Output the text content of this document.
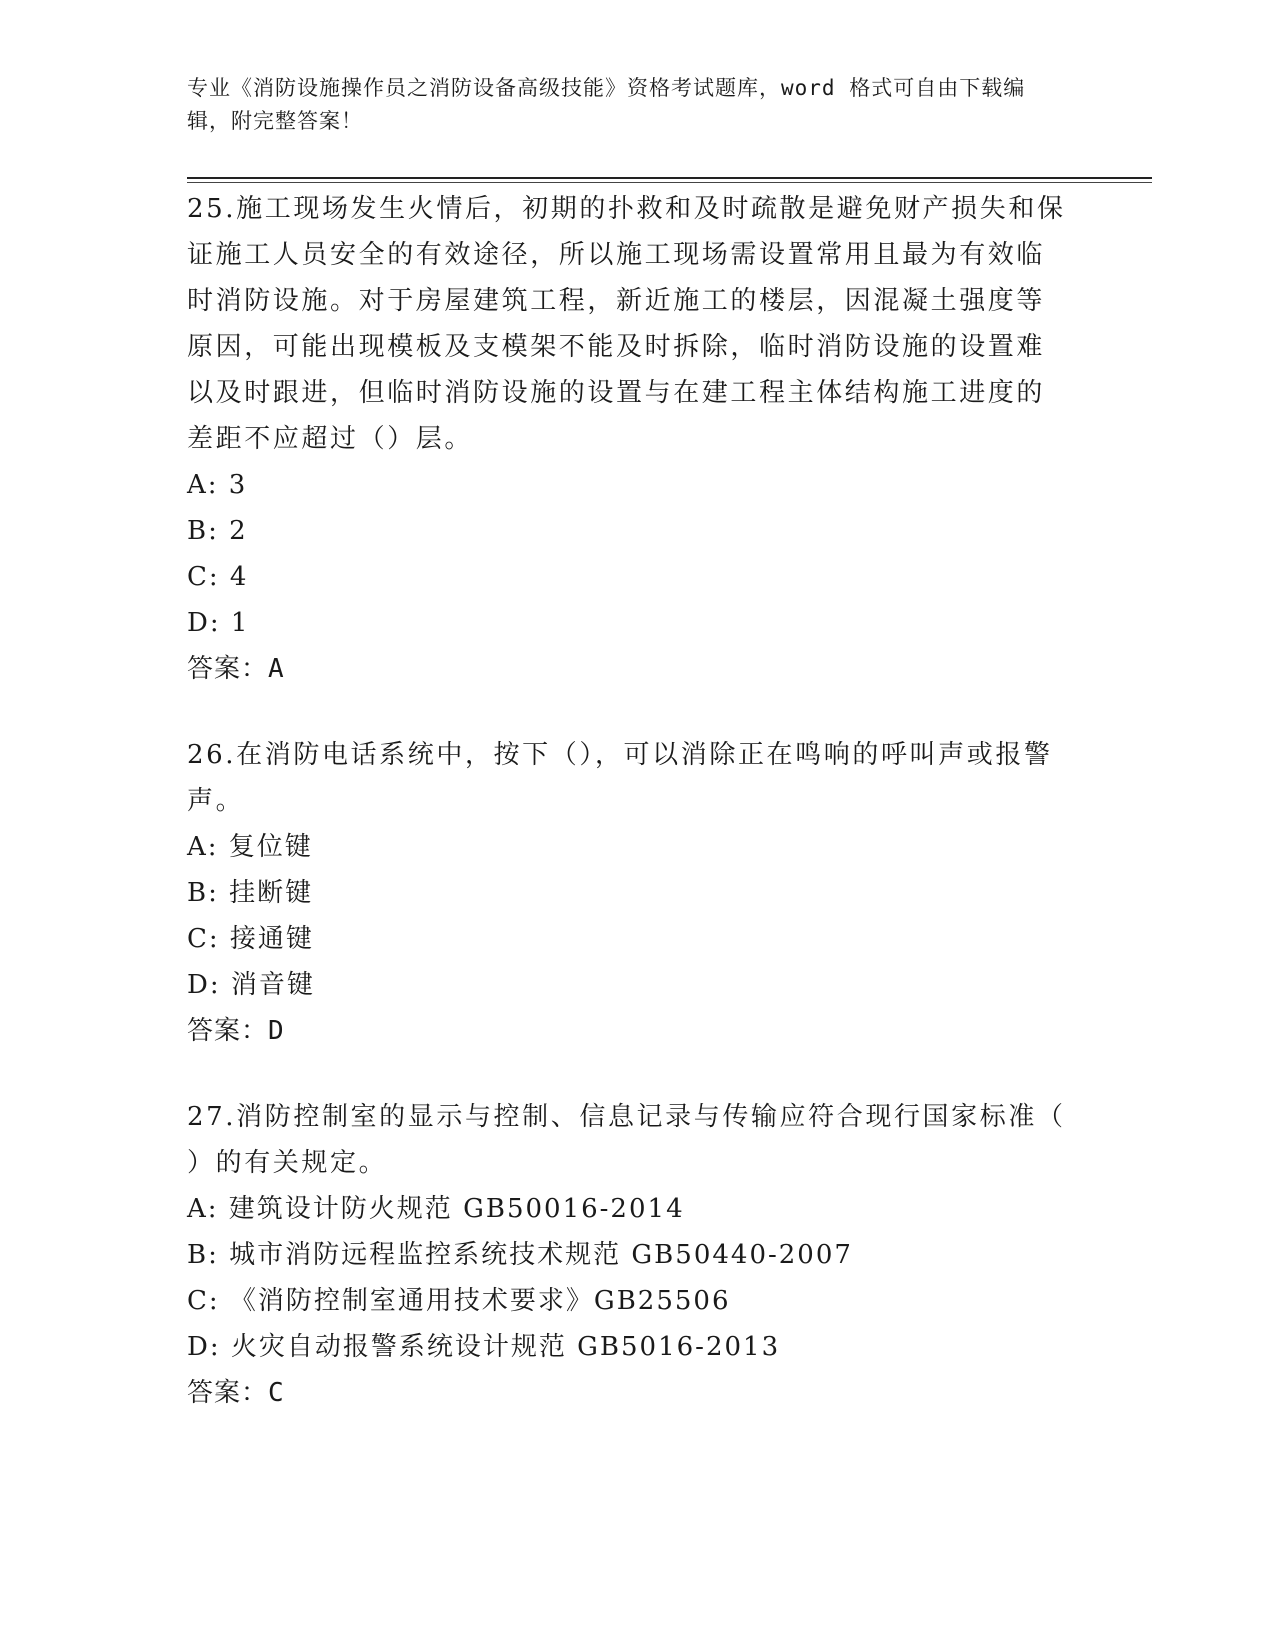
专业《消防设施操作员之消防设备高级技能》资格考试题库，word 格式可自由下载编辑，附完整答案！

25.施工现场发生火情后，初期的扑救和及时疏散是避免财产损失和保
证施工人员安全的有效途径，所以施工现场需设置常用且最为有效临
时消防设施。对于房屋建筑工程，新近施工的楼层，因混凝土强度等
原因，可能出现模板及支模架不能及时拆除，临时消防设施的设置难
以及时跟进，但临时消防设施的设置与在建工程主体结构施工进度的
差距不应超过（）层。

A: 3

B: 2

C: 4

D: 1

答案：A

26.在消防电话系统中，按下（），可以消除正在鸣响的呼叫声或报警
声。

A: 复位键

B: 挂断键

C: 接通键

D: 消音键

答案：D

27.消防控制室的显示与控制、信息记录与传输应符合现行国家标准（
）的有关规定。

A: 建筑设计防火规范 GB50016-2014

B: 城市消防远程监控系统技术规范 GB50440-2007

C: 《消防控制室通用技术要求》GB25506

D: 火灾自动报警系统设计规范 GB5016-2013

答案：C
